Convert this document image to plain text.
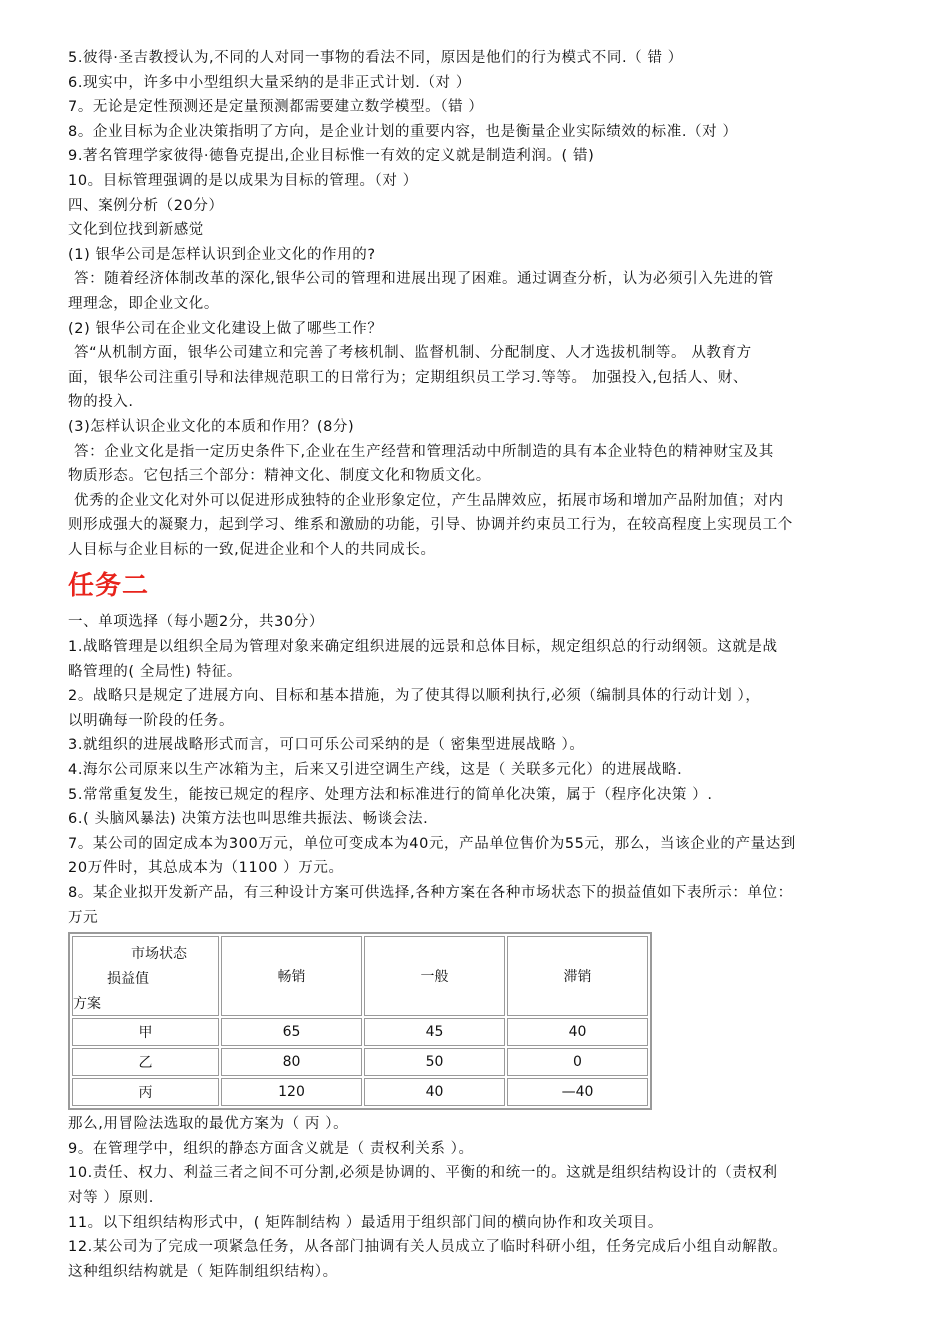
5.彼得·圣吉教授认为,不同的人对同一事物的看法不同，原因是他们的行为模式不同.（ 错 ）
6.现实中，许多中小型组织大量采纳的是非正式计划.（对 ）
7。无论是定性预测还是定量预测都需要建立数学模型。（错 ）
8。企业目标为企业决策指明了方向，是企业计划的重要内容，也是衡量企业实际绩效的标准.（对 ）
9.著名管理学家彼得·德鲁克提出,企业目标惟一有效的定义就是制造利润。( 错)
10。目标管理强调的是以成果为目标的管理。（对 ）
四、案例分析（20分）
文化到位找到新感觉
(1) 银华公司是怎样认识到企业文化的作用的?
答：随着经济体制改革的深化,银华公司的管理和进展出现了困难。通过调查分析，认为必须引入先进的管
理理念，即企业文化。
(2) 银华公司在企业文化建设上做了哪些工作？
答“从机制方面，银华公司建立和完善了考核机制、监督机制、分配制度、人才选拔机制等。 从教育方
面，银华公司注重引导和法律规范职工的日常行为；定期组织员工学习.等等。 加强投入,包括人、财、
物的投入.
(3)怎样认识企业文化的本质和作用？(8分)
答：企业文化是指一定历史条件下,企业在生产经营和管理活动中所制造的具有本企业特色的精神财宝及其
物质形态。它包括三个部分：精神文化、制度文化和物质文化。
优秀的企业文化对外可以促进形成独特的企业形象定位，产生品牌效应，拓展市场和增加产品附加值；对内
则形成强大的凝聚力，起到学习、维系和激励的功能，引导、协调并约束员工行为，在较高程度上实现员工个
人目标与企业目标的一致,促进企业和个人的共同成长。
任务二
一、单项选择（每小题2分，共30分）
1.战略管理是以组织全局为管理对象来确定组织进展的远景和总体目标，规定组织总的行动纲领。这就是战
略管理的( 全局性) 特征。
2。战略只是规定了进展方向、目标和基本措施，为了使其得以顺利执行,必须（编制具体的行动计划 ），
以明确每一阶段的任务。
3.就组织的进展战略形式而言，可口可乐公司采纳的是（ 密集型进展战略 ）。
4.海尔公司原来以生产冰箱为主，后来又引进空调生产线，这是（ 关联多元化）的进展战略.
5.常常重复发生，能按已规定的程序、处理方法和标准进行的简单化决策，属于（程序化决策 ）.
6.( 头脑风暴法) 决策方法也叫思维共振法、畅谈会法.
7。某公司的固定成本为300万元，单位可变成本为40元，产品单位售价为55元，那么，当该企业的产量达到
20万件时，其总成本为（1100 ）万元。
8。某企业拟开发新产品，有三种设计方案可供选择,各种方案在各种市场状态下的损益值如下表所示：单位：
万元
市场状态
损益值
方案	畅销	一般	滞销
甲	65	45	40
乙	80	50	0
丙	120	40	—40
那么,用冒险法选取的最优方案为（ 丙 ）。
9。在管理学中，组织的静态方面含义就是（ 责权利关系 ）。
10.责任、权力、利益三者之间不可分割,必须是协调的、平衡的和统一的。这就是组织结构设计的（责权利
对等 ）原则.
11。以下组织结构形式中，( 矩阵制结构 ）最适用于组织部门间的横向协作和攻关项目。
12.某公司为了完成一项紧急任务，从各部门抽调有关人员成立了临时科研小组，任务完成后小组自动解散。
这种组织结构就是（ 矩阵制组织结构）。
